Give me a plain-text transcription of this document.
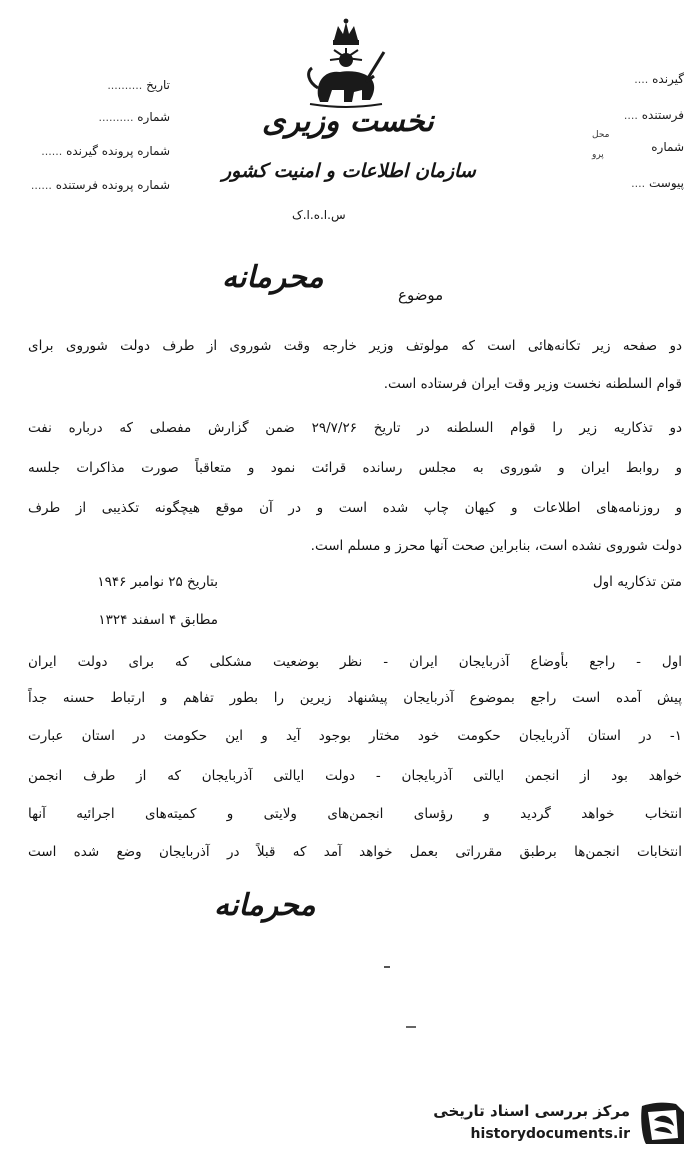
نخست وزیری
سازمان اطلاعات و امنیت کشور
س.ا.ه.ا.ک
تاریخ ..........
شماره ..........
شماره پرونده گیرنده ......
شماره پرونده فرستنده ......
گیرنده ....
فرستنده ....
شماره
محل
پرو
پیوست ....
محرمانه	موضوع
دو صفحه زیر تکانه‌هائی است که مولوتف وزیر خارجه وقت شوروی از طرف دولت شوروی برای
قوام السلطنه نخست وزیر وقت ایران فرستاده است.
دو تذکاریه زیر را قوام السلطنه در تاریخ ۲۹/۷/۲۶ ضمن گزارش مفصلی که درباره نفت
و روابط ایران و شوروی به مجلس رسانده قرائت نمود و متعاقباً صورت مذاکرات جلسه
و روزنامه‌های اطلاعات و کیهان چاپ شده است و در آن موقع هیچگونه تکذیبی از طرف
دولت شوروی نشده است، بنابراین صحت آنها محرز و مسلم است.
متن تذکاریه اول
بتاریخ ۲۵ نوامبر ۱۹۴۶
مطابق ۴ اسفند ۱۳۲۴
اول - راجع بأوضاع آذربایجان ایران - نظر بوضعیت مشکلی که برای دولت ایران
پیش آمده است راجع بموضوع آذربایجان پیشنهاد زیرین را بطور تفاهم و ارتباط حسنه جداً
۱- در استان آذربایجان حکومت خود مختار بوجود آید و این حکومت در استان عبارت
خواهد بود از انجمن ایالتی آذربایجان - دولت ایالتی آذربایجان که از طرف انجمن
انتخاب خواهد گردید و رؤسای انجمن‌های ولایتی و کمیته‌های اجرائیه آنها
انتخابات انجمن‌ها برطبق مقرراتی بعمل خواهد آمد که قبلاً در آذربایجان وضع شده است
محرمانه
مرکز بررسی اسناد تاریخی
historydocuments.ir
